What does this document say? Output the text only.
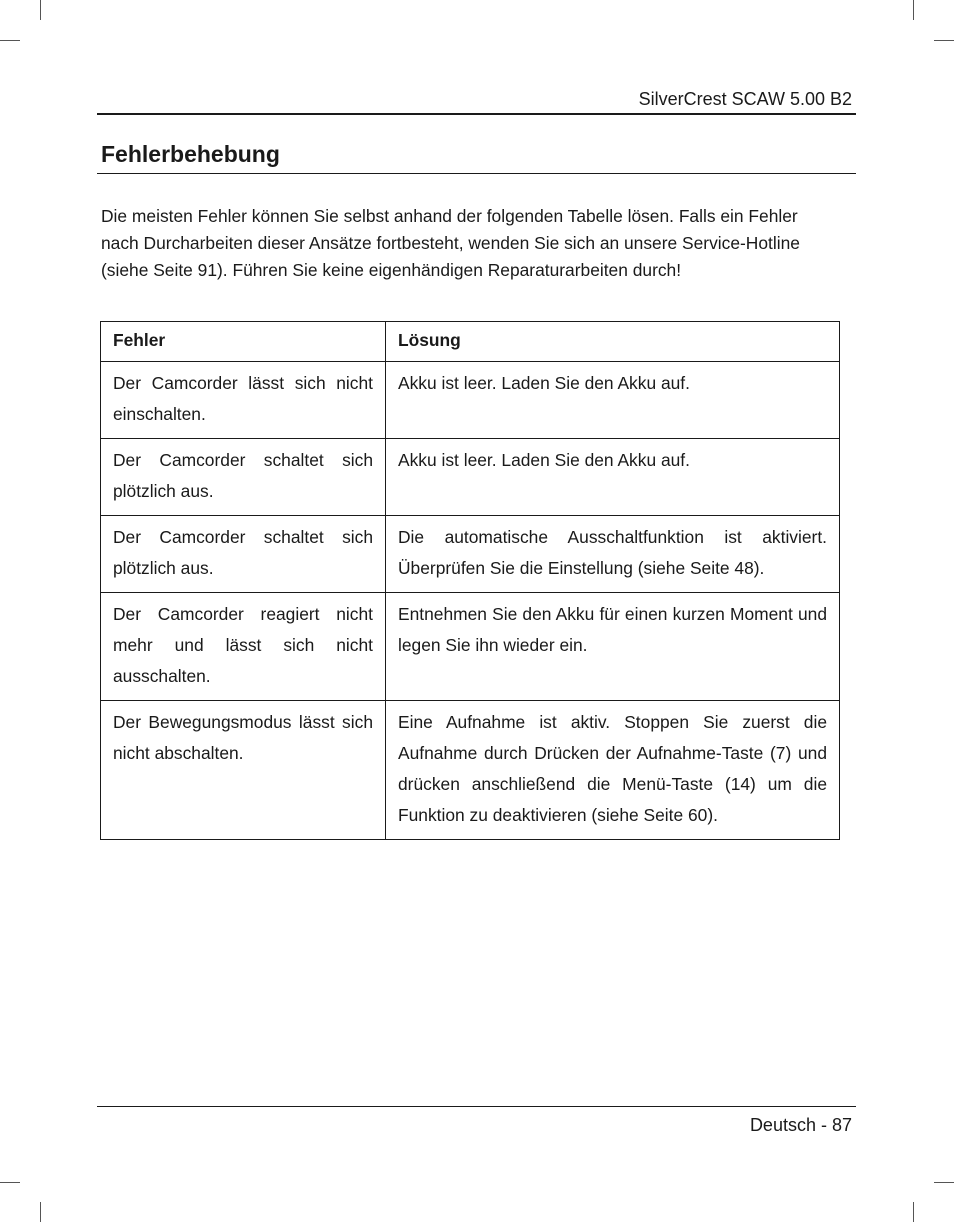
SilverCrest SCAW 5.00 B2
Fehlerbehebung

Die meisten Fehler können Sie selbst anhand der folgenden Tabelle lösen. Falls ein Fehler nach Durcharbeiten dieser Ansätze fortbesteht, wenden Sie sich an unsere Service-Hotline (siehe Seite 91). Führen Sie keine eigenhändigen Reparaturarbeiten durch!

Fehler	Lösung
Der Camcorder lässt sich nicht einschalten.	Akku ist leer. Laden Sie den Akku auf.
Der Camcorder schaltet sich plötzlich aus.	Akku ist leer. Laden Sie den Akku auf.
Der Camcorder schaltet sich plötzlich aus.	Die automatische Ausschaltfunktion ist aktiviert. Überprüfen Sie die Einstellung (siehe Seite 48).
Der Camcorder reagiert nicht mehr und lässt sich nicht ausschalten.	Entnehmen Sie den Akku für einen kurzen Moment und legen Sie ihn wieder ein.
Der Bewegungsmodus lässt sich nicht abschalten.	Eine Aufnahme ist aktiv. Stoppen Sie zuerst die Aufnahme durch Drücken der Aufnahme-Taste (7) und drücken anschließend die Menü-Taste (14) um die Funktion zu deaktivieren (siehe Seite 60).
Deutsch - 87
